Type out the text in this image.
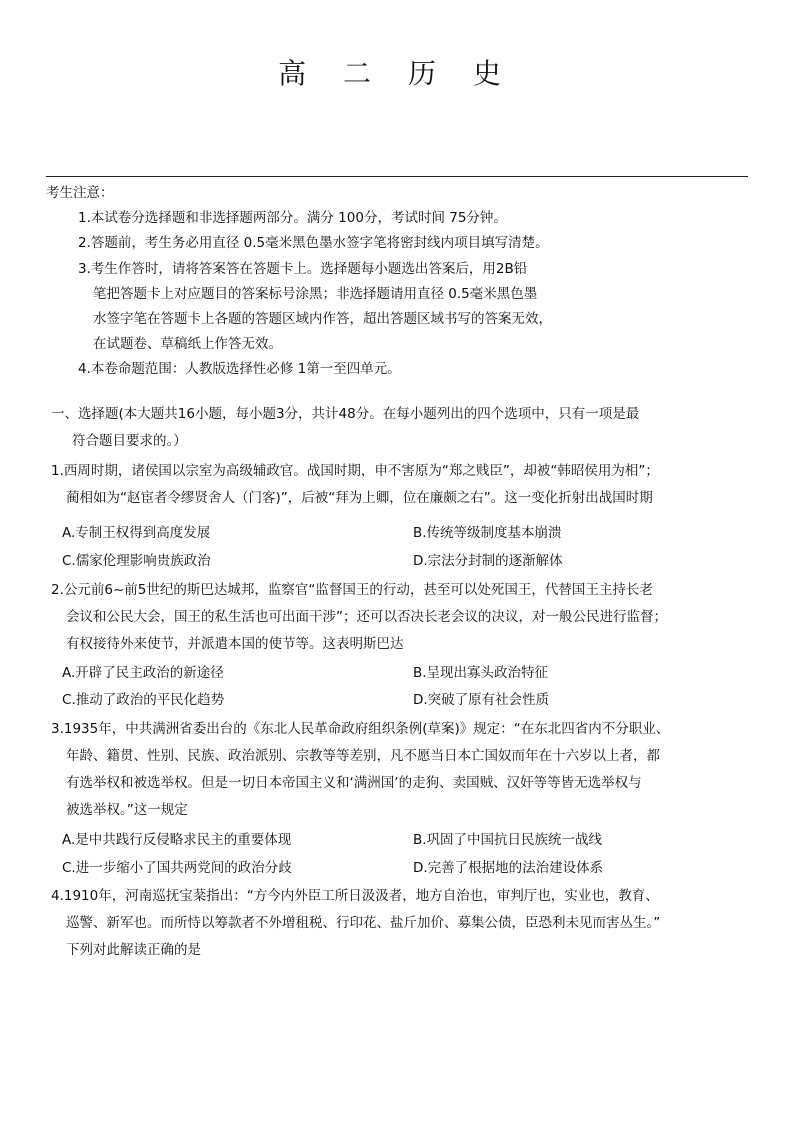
高 二 历 史
考生注意：
1.本试卷分选择题和非选择题两部分。满分 100分，考试时间 75分钟。
2.答题前，考生务必用直径 0.5毫米黑色墨水签字笔将密封线内项目填写清楚。
3.考生作答时，请将答案答在答题卡上。选择题每小题选出答案后，用2B铅
笔把答题卡上对应题目的答案标号涂黑；非选择题请用直径 0.5毫米黑色墨
水签字笔在答题卡上各题的答题区域内作答，超出答题区域书写的答案无效，
在试题卷、草稿纸上作答无效。
4.本卷命题范围：人教版选择性必修 1第一至四单元。
一、选择题(本大题共16小题，每小题3分，共计48分。在每小题列出的四个选项中，只有一项是最
符合题目要求的。）
1.西周时期，诸侯国以宗室为高级辅政官。战国时期，申不害原为“郑之贱臣”，却被“韩昭侯用为相”；
蔺相如为“赵宦者令缪贤舍人（门客)”，后被“拜为上卿，位在廉颇之右”。这一变化折射出战国时期
A.专制王权得到高度发展	B.传统等级制度基本崩溃
C.儒家伦理影响贵族政治	D.宗法分封制的逐渐解体
2.公元前6~前5世纪的斯巴达城邦，监察官“监督国王的行动，甚至可以处死国王，代替国王主持长老
会议和公民大会，国王的私生活也可出面干涉”；还可以否决长老会议的决议，对一般公民进行监督；
有权接待外来使节，并派遣本国的使节等。这表明斯巴达
A.开辟了民主政治的新途径	B.呈现出寡头政治特征
C.推动了政治的平民化趋势	D.突破了原有社会性质
3.1935年，中共满洲省委出台的《东北人民革命政府组织条例(草案)》规定：“在东北四省内不分职业、
年龄、籍贯、性别、民族、政治派别、宗教等等差别，凡不愿当日本亡国奴而年在十六岁以上者，都
有选举权和被选举权。但是一切日本帝国主义和‘满洲国’的走狗、卖国贼、汉奸等等皆无选举权与
被选举权。”这一规定
A.是中共践行反侵略求民主的重要体现	B.巩固了中国抗日民族统一战线
C.进一步缩小了国共两党间的政治分歧	D.完善了根据地的法治建设体系
4.1910年，河南巡抚宝棻指出：“方今内外臣工所日汲汲者，地方自治也，审判厅也，实业也，教育、
巡警、新军也。而所恃以筹款者不外增租税、行印花、盐斤加价、募集公债，臣恐利未见而害丛生。”
下列对此解读正确的是
